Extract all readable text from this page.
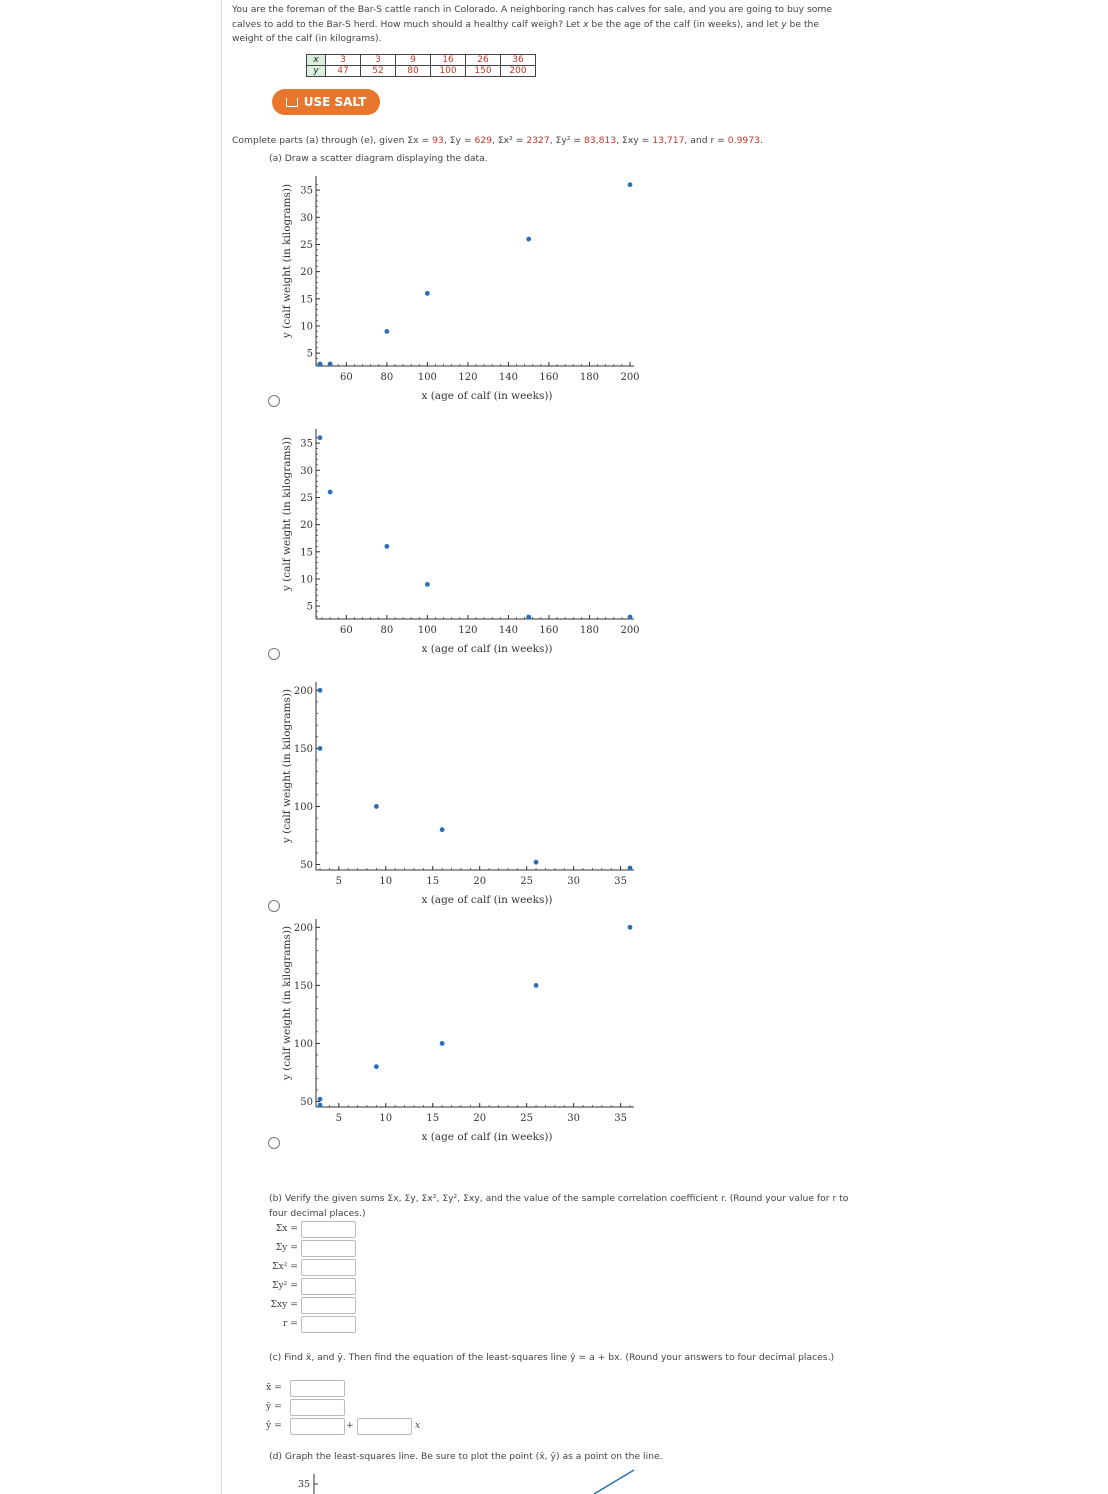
You are the foreman of the Bar-S cattle ranch in Colorado. A neighboring ranch has calves for sale, and you are going to buy some calves to add to the Bar-S herd. How much should a healthy calf weigh? Let x be the age of the calf (in weeks), and let y be the weight of the calf (in kilograms).
x	3	3	9	16	26	36
y	47	52	80	100	150	200
USE SALT
Complete parts (a) through (e), given Σx = 93, Σy = 629, Σx² = 2327, Σy² = 83,813, Σxy = 13,717, and r = 0.9973.
(a) Draw a scatter diagram displaying the data.
60	80 100 120 140 160 180 200
5
10
15
20
25
30
35
x (age of calf (in weeks))
y (calf weight (in kilograms))
60	80 100 120 140 160 180 200
5
10
15
20
25
30
35
x (age of calf (in weeks))
y (calf weight (in kilograms))
5	10	15	20	25	30	35
50
100
150
200
x (age of calf (in weeks))
y (calf weight (in kilograms))
5	10	15	20	25	30	35
50
100
150
200
x (age of calf (in weeks))
y (calf weight (in kilograms))
(b) Verify the given sums Σx, Σy, Σx², Σy², Σxy, and the value of the sample correlation coefficient r. (Round your value for r to four decimal places.)
Σx =
Σy =
Σx² =
Σy² =
Σxy =
r =
(c) Find x̄, and ȳ. Then find the equation of the least-squares line ŷ = a + bx. (Round your answers to four decimal places.)
x̄ =
ȳ =
ŷ =	+	x
(d) Graph the least-squares line. Be sure to plot the point (x̄, ȳ) as a point on the line.
35
